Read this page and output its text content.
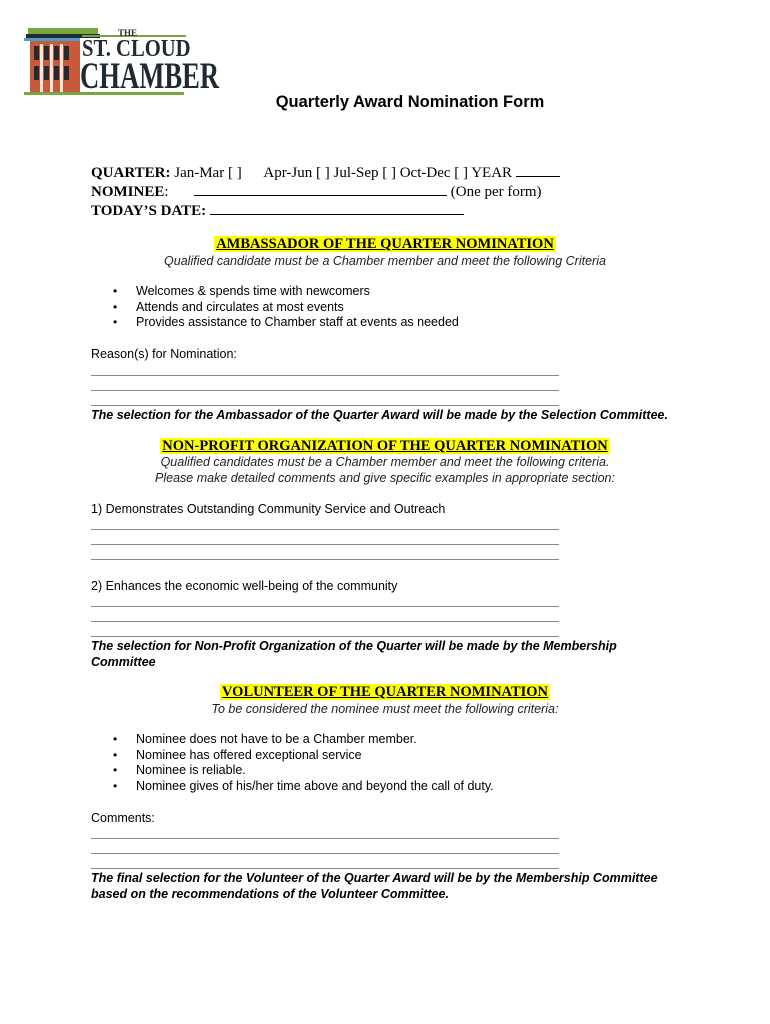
THE
ST. CLOUD
CHAMBER
Quarterly Award Nomination Form
QUARTER: Jan-Mar [ ]      Apr-Jun [ ] Jul-Sep [ ] Oct-Dec [ ] YEAR
NOMINEE:	(One per form)
TODAY’S DATE:
AMBASSADOR OF THE QUARTER NOMINATION
Qualified candidate must be a Chamber member and meet the following Criteria
• Welcomes & spends time with newcomers
• Attends and circulates at most events
• Provides assistance to Chamber staff at events as needed
Reason(s) for Nomination:
The selection for the Ambassador of the Quarter Award will be made by the Selection Committee.
NON-PROFIT ORGANIZATION OF THE QUARTER NOMINATION
Qualified candidates must be a Chamber member and meet the following criteria.
Please make detailed comments and give specific examples in appropriate section:
1) Demonstrates Outstanding Community Service and Outreach
2) Enhances the economic well-being of the community
The selection for Non-Profit Organization of the Quarter will be made by the Membership Committee
VOLUNTEER OF THE QUARTER NOMINATION
To be considered the nominee must meet the following criteria:
• Nominee does not have to be a Chamber member.
• Nominee has offered exceptional service
• Nominee is reliable.
• Nominee gives of his/her time above and beyond the call of duty.
Comments:
The final selection for the Volunteer of the Quarter Award will be by the Membership Committee based on the recommendations of the Volunteer Committee.
